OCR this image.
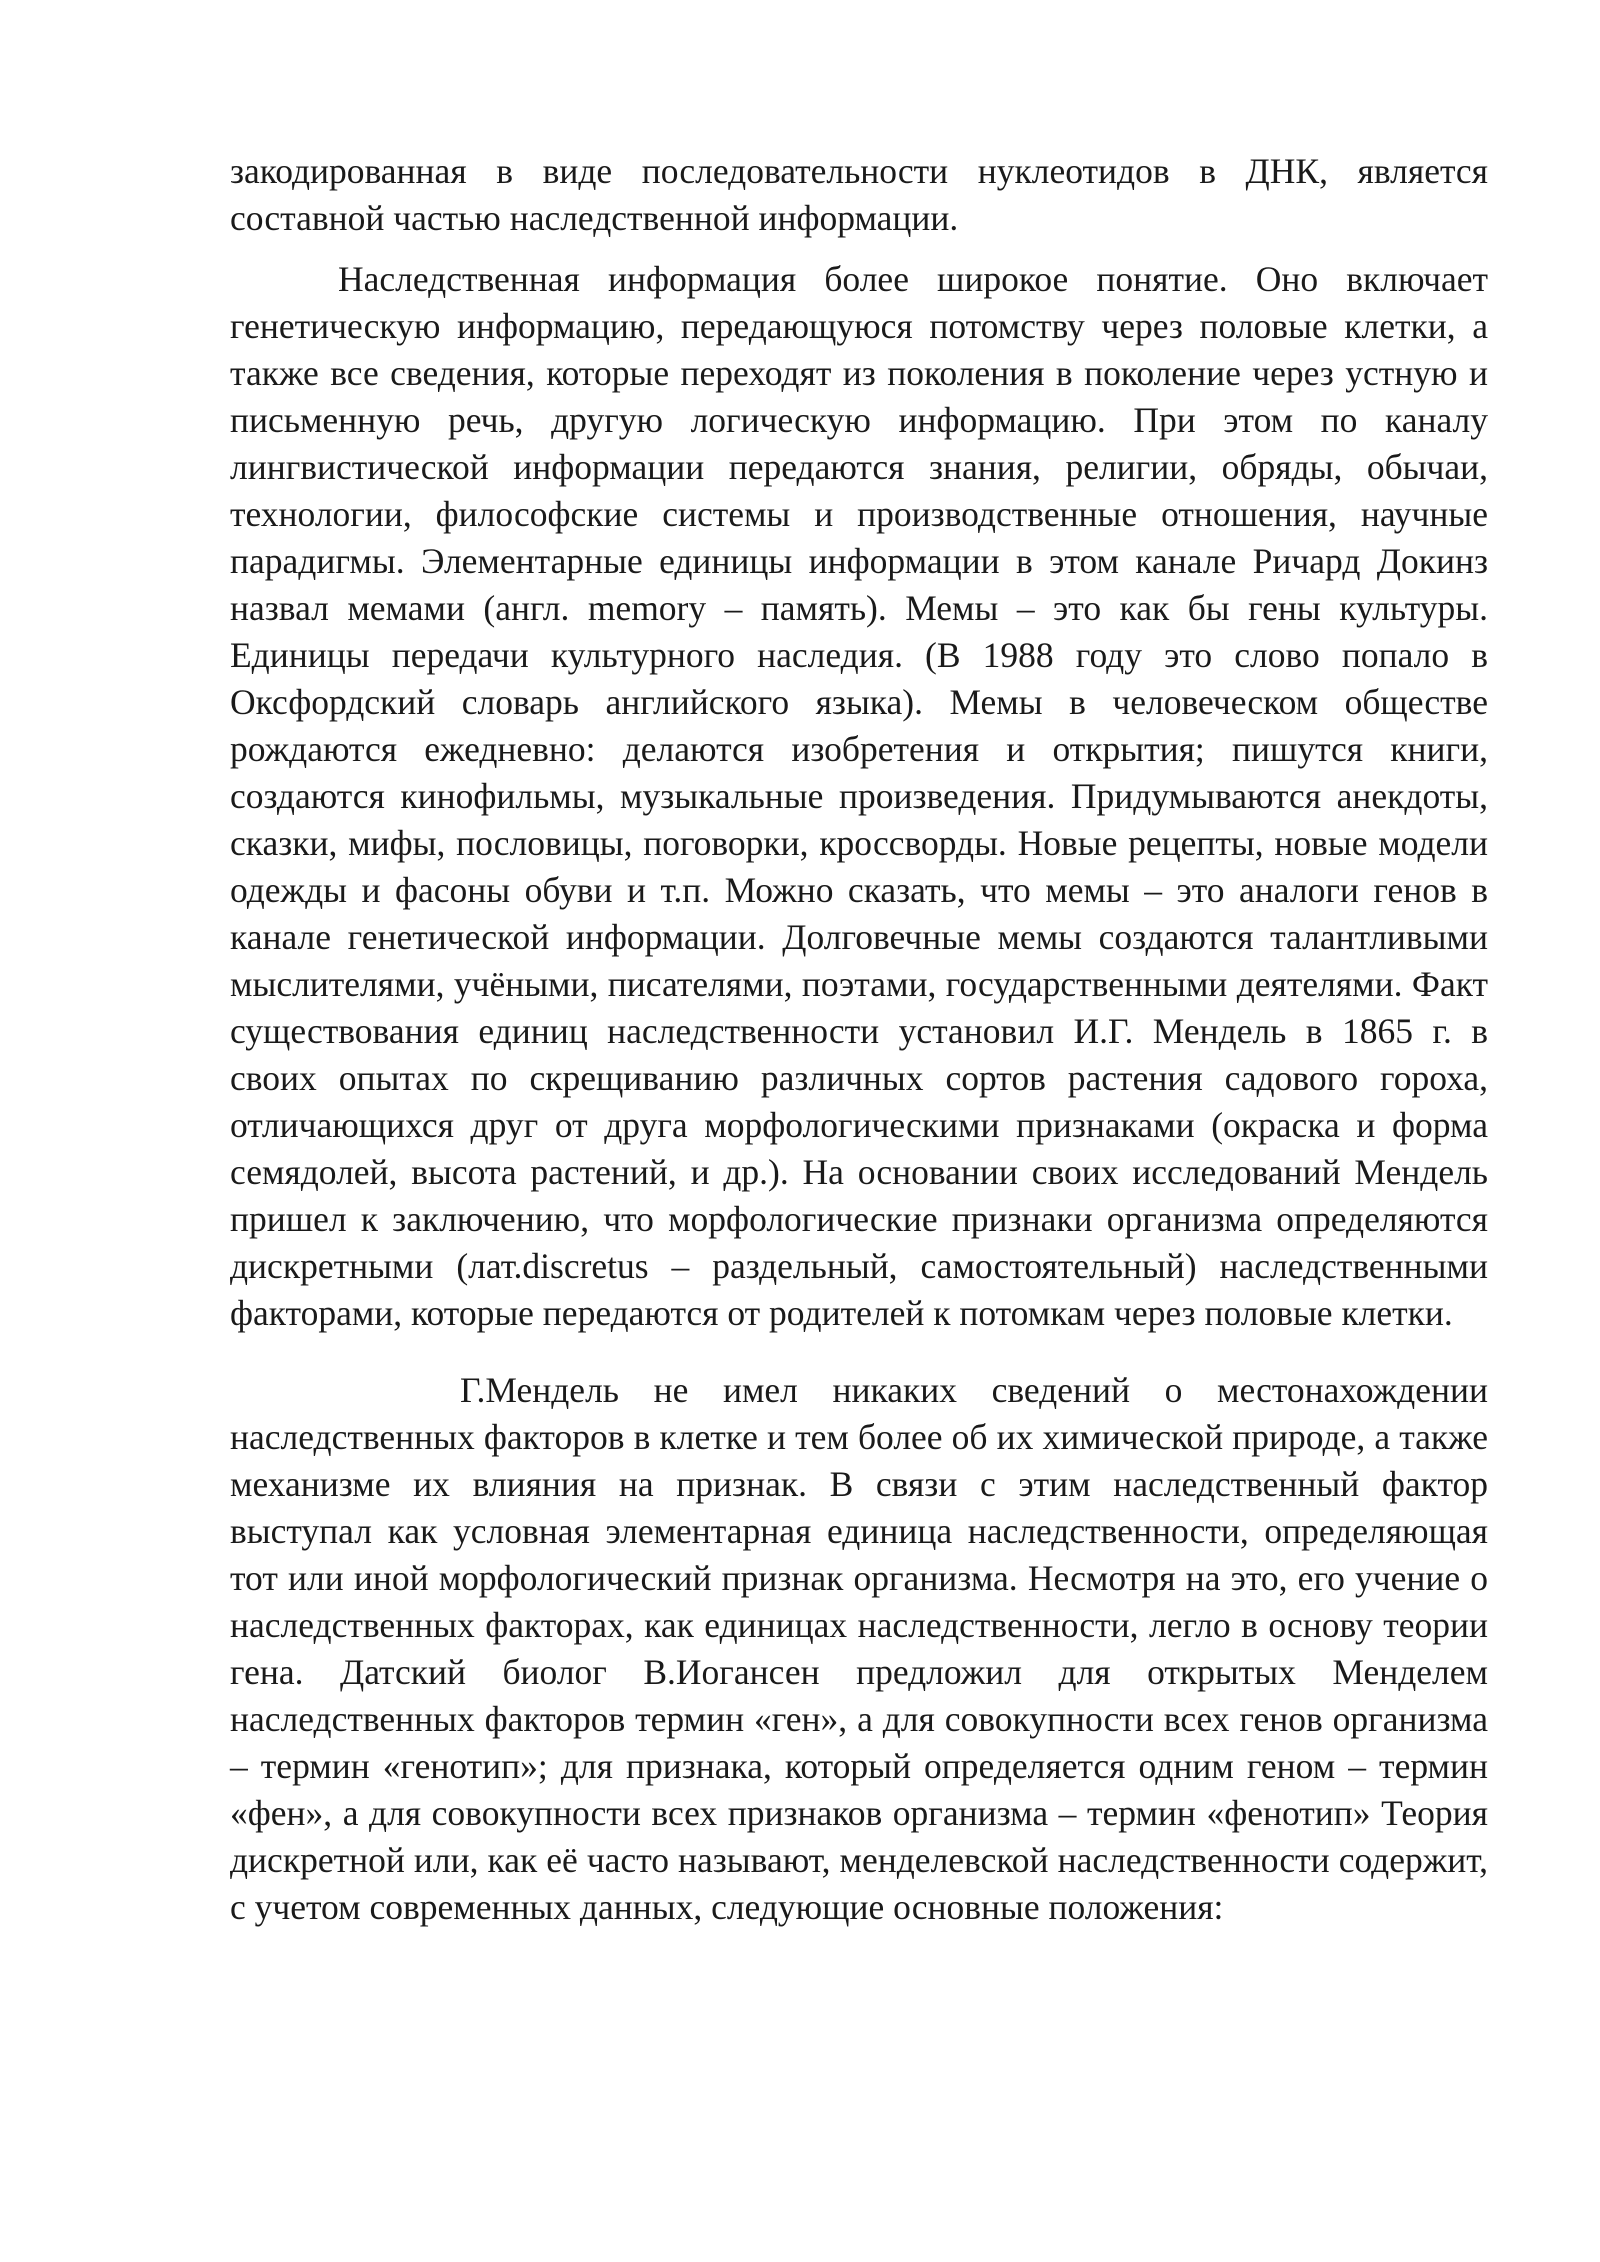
закодированная в виде последовательности нуклеотидов в ДНК, является составной частью наследственной информации.

Наследственная информация более широкое понятие. Оно включает генетическую информацию, передающуюся потомству через половые клетки, а также все сведения, которые переходят из поколения в поколение через устную и письменную речь, другую логическую информацию. При этом по каналу лингвистической информации передаются знания, религии, обряды, обычаи, технологии, философские системы и производственные отношения, научные парадигмы. Элементарные единицы информации в этом канале Ричард Докинз назвал мемами (англ. memory – память). Мемы – это как бы гены культуры. Единицы передачи культурного наследия. (В 1988 году это слово попало в Оксфордский словарь английского языка). Мемы в человеческом обществе рождаются ежедневно: делаются изобретения и открытия; пишутся книги, создаются кинофильмы, музыкальные произведения. Придумываются анекдоты, сказки, мифы, пословицы, поговорки, кроссворды. Новые рецепты, новые модели одежды и фасоны обуви и т.п. Можно сказать, что мемы – это аналоги генов в канале генетической информации. Долговечные мемы создаются талантливыми мыслителями, учёными, писателями, поэтами, государственными деятелями. Факт существования единиц наследственности установил И.Г. Мендель в 1865 г. в своих опытах по скрещиванию различных сортов растения садового гороха, отличающихся друг от друга морфологическими признаками (окраска и форма семядолей, высота растений, и др.). На основании своих исследований Мендель пришел к заключению, что морфологические признаки организма определяются дискретными (лат.discretus – раздельный, самостоятельный) наследственными факторами, которые передаются от родителей к потомкам через половые клетки.

Г.Мендель не имел никаких сведений о местонахождении наследственных факторов в клетке и тем более об их химической природе, а также механизме их влияния на признак. В связи с этим наследственный фактор выступал как условная элементарная единица наследственности, определяющая тот или иной морфологический признак организма. Несмотря на это, его учение о наследственных факторах, как единицах наследственности, легло в основу теории гена. Датский биолог В.Иогансен предложил для открытых Менделем наследственных факторов термин «ген», а для совокупности всех генов организма – термин «генотип»; для признака, который определяется одним геном – термин «фен», а для совокупности всех признаков организма – термин «фенотип» Теория дискретной или, как её часто называют, менделевской наследственности содержит, с учетом современных данных, следующие основные положения:
